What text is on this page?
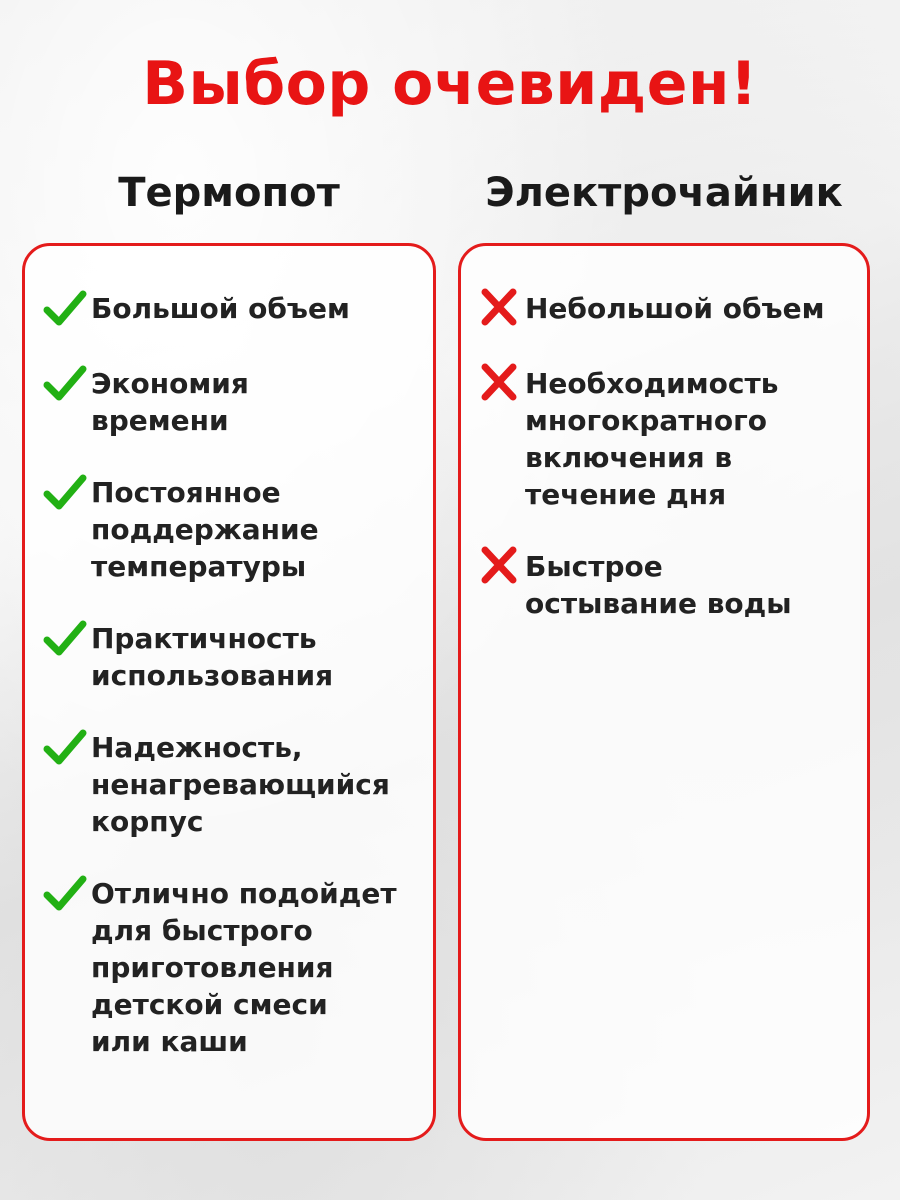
Выбор очевиден!
Термопот	Электрочайник
Большой объем
Экономия
времени
Постоянное
поддержание
температуры
Практичность
использования
Надежность,
ненагревающийся
корпус
Отлично подойдет
для быстрого
приготовления
детской смеси
или каши
Небольшой объем
Необходимость
многократного
включения в
течение дня
Быстрое
остывание воды
